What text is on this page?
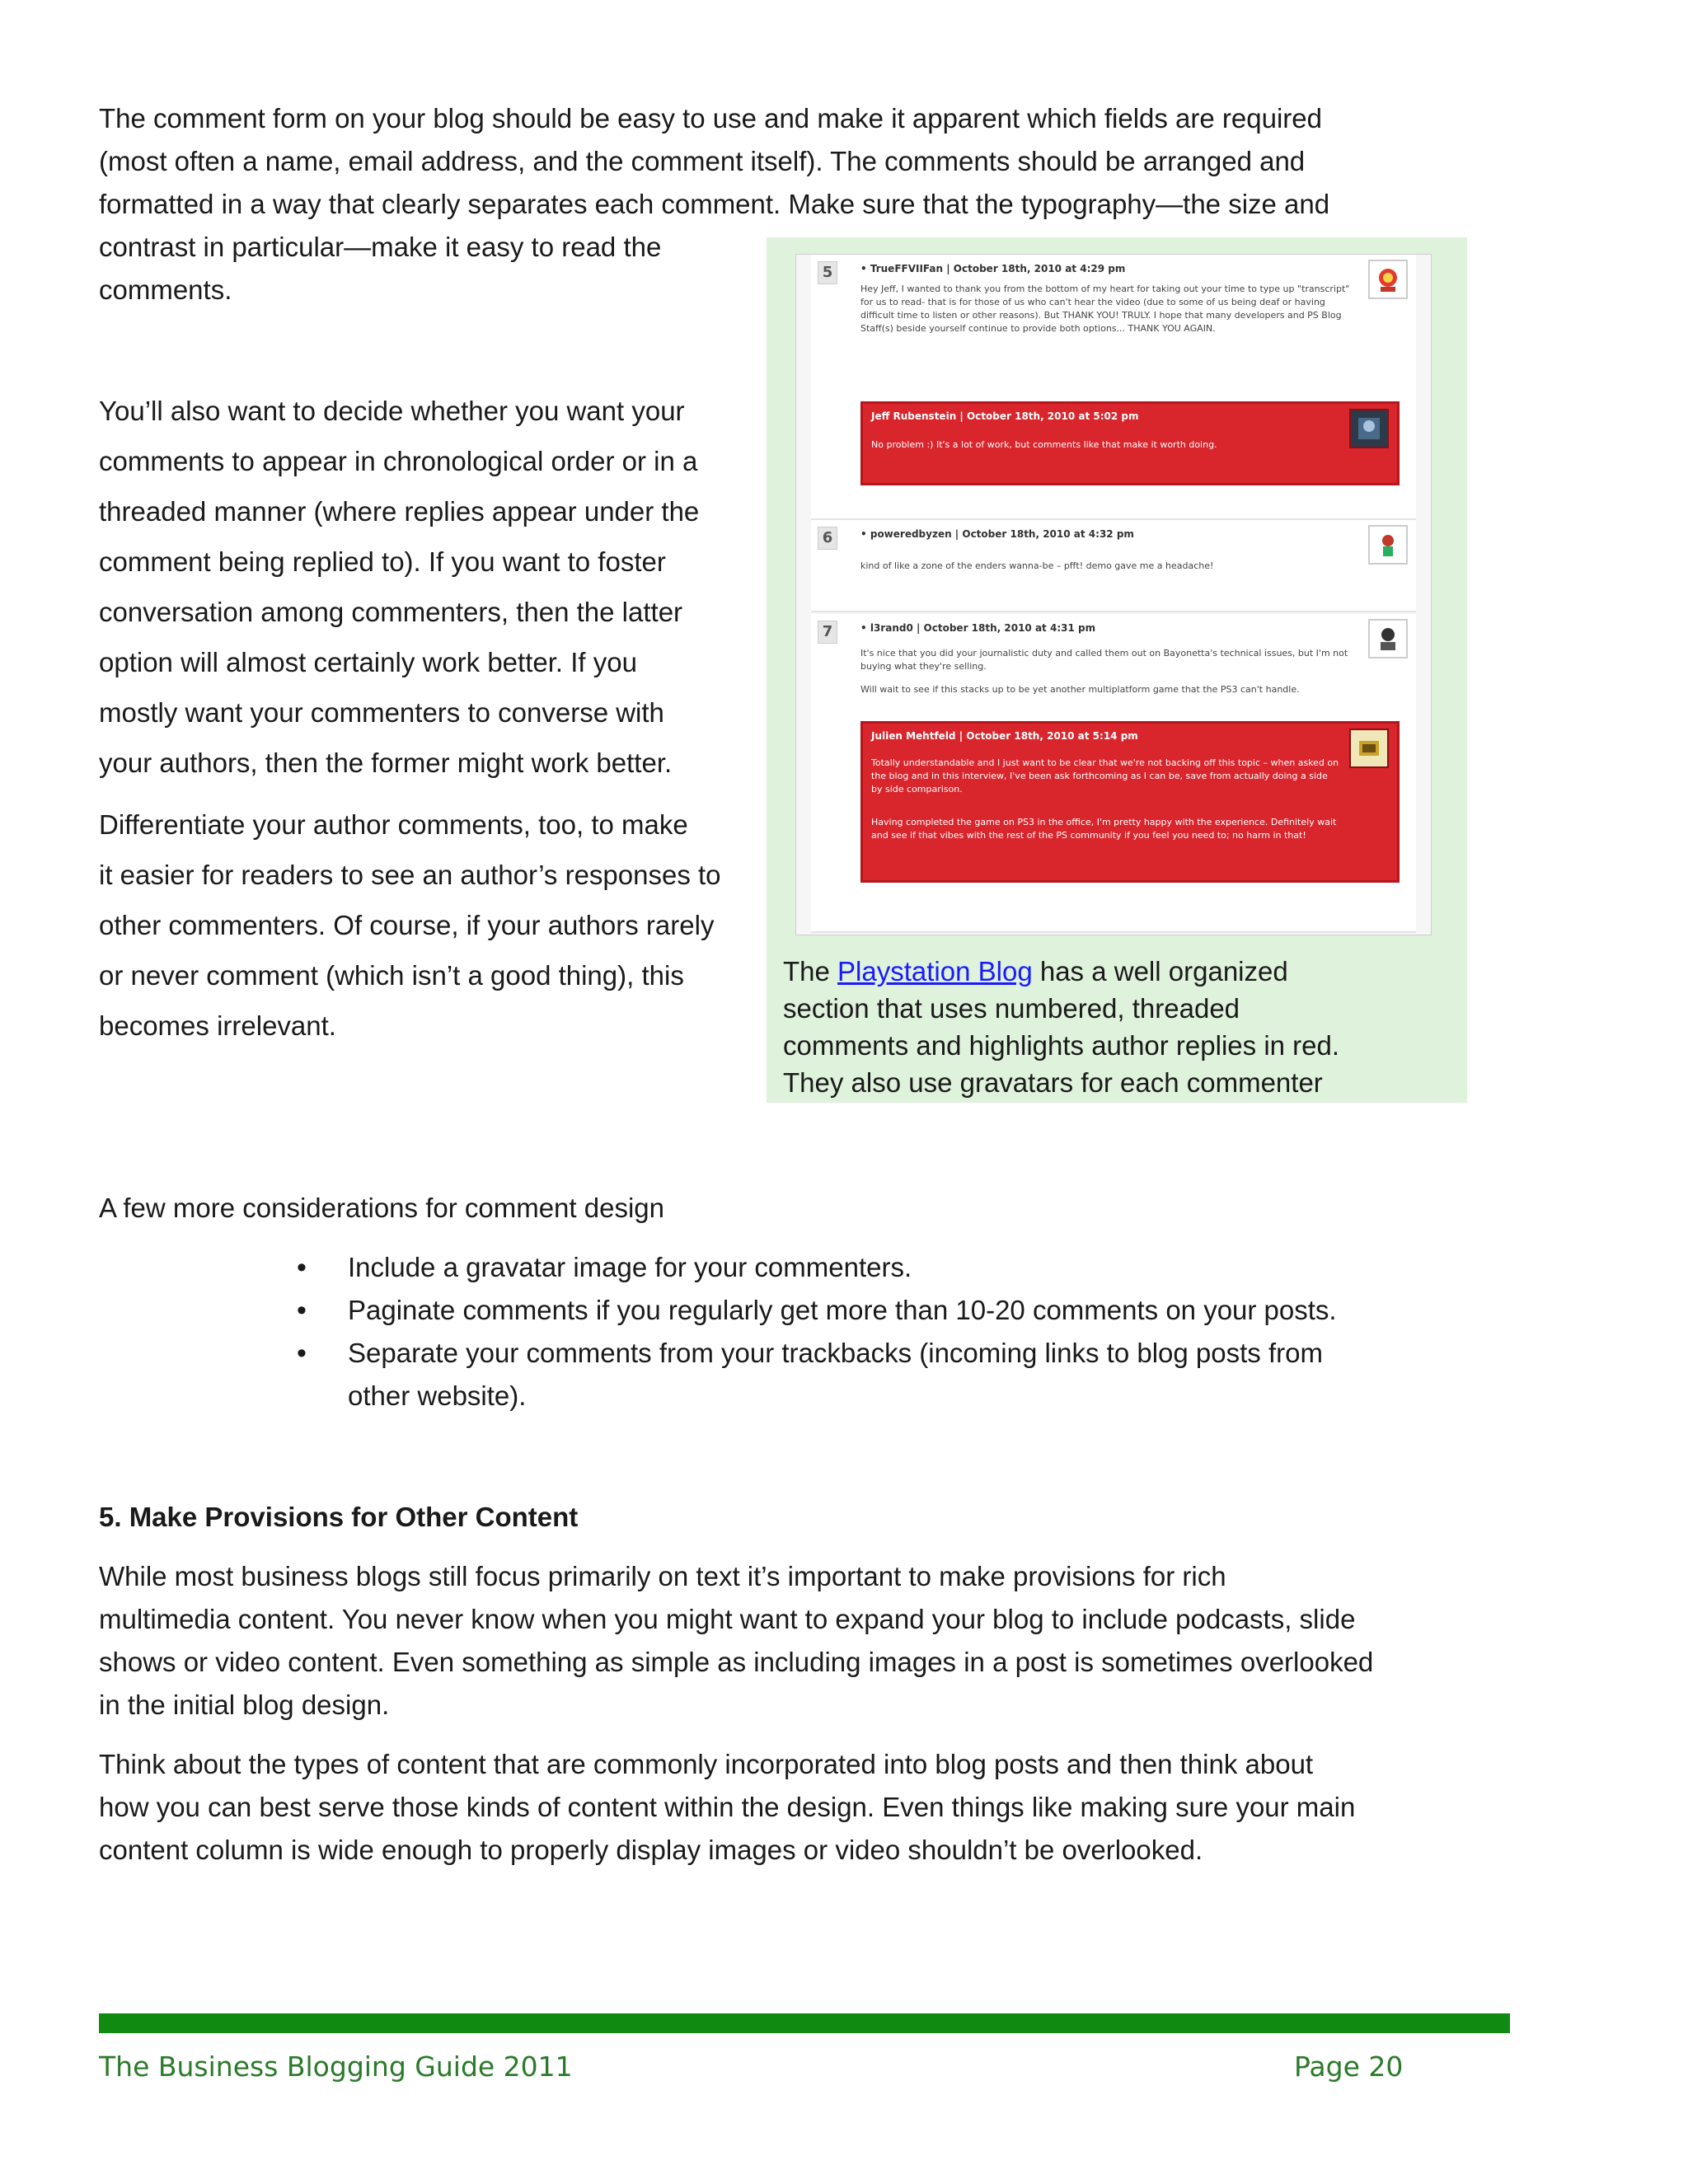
The comment form on your blog should be easy to use and make it apparent which fields are required

(most often a name, email address, and the comment itself). The comments should be arranged and

formatted in a way that clearly separates each comment. Make sure that the typography—the size and

contrast in particular—make it easy to read the

comments.

You’ll also want to decide whether you want your

comments to appear in chronological order or in a

threaded manner (where replies appear under the

comment being replied to). If you want to foster

conversation among commenters, then the latter

option will almost certainly work better. If you

mostly want your commenters to converse with

your authors, then the former might work better.

Differentiate your author comments, too, to make

it easier for readers to see an author’s responses to

other commenters. Of course, if your authors rarely

or never comment (which isn’t a good thing), this

becomes irrelevant.

5	• TrueFFVIIFan | October 18th, 2010 at 4:29 pm
Hey Jeff, I wanted to thank you from the bottom of my heart for taking out your time to type up "transcript" for us to read- that is for those of us who can't hear the video (due to some of us being deaf or having difficult time to listen or other reasons). But THANK YOU! TRULY. I hope that many developers and PS Blog Staff(s) beside yourself continue to provide both options... THANK YOU AGAIN.
Jeff Rubenstein | October 18th, 2010 at 5:02 pm
No problem :) It's a lot of work, but comments like that make it worth doing.
6	• poweredbyzen | October 18th, 2010 at 4:32 pm
kind of like a zone of the enders wanna-be – pfft! demo gave me a headache!
7	• l3rand0 | October 18th, 2010 at 4:31 pm
It's nice that you did your journalistic duty and called them out on Bayonetta's technical issues, but I'm not buying what they're selling.
Will wait to see if this stacks up to be yet another multiplatform game that the PS3 can't handle.
Julien Mehtfeld | October 18th, 2010 at 5:14 pm
Totally understandable and I just want to be clear that we're not backing off this topic – when asked on the blog and in this interview, I've been ask forthcoming as I can be, save from actually doing a side by side comparison.
Having completed the game on PS3 in the office, I'm pretty happy with the experience. Definitely wait and see if that vibes with the rest of the PS community if you feel you need to; no harm in that!
The Playstation Blog has a well organized
section that uses numbered, threaded
comments and highlights author replies in red.
They also use gravatars for each commenter

A few more considerations for comment design

• Include a gravatar image for your commenters.
• Paginate comments if you regularly get more than 10-20 comments on your posts.
• Separate your comments from your trackbacks (incoming links to blog posts from

other website).

5. Make Provisions for Other Content

While most business blogs still focus primarily on text it’s important to make provisions for rich

multimedia content. You never know when you might want to expand your blog to include podcasts, slide

shows or video content. Even something as simple as including images in a post is sometimes overlooked

in the initial blog design.

Think about the types of content that are commonly incorporated into blog posts and then think about

how you can best serve those kinds of content within the design. Even things like making sure your main

content column is wide enough to properly display images or video shouldn’t be overlooked.

The Business Blogging Guide 2011	Page 20
